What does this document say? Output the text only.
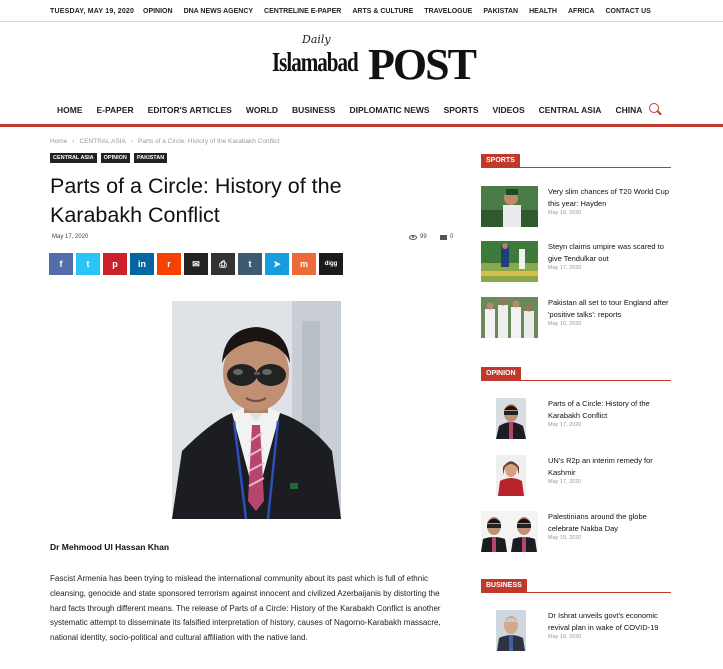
TUESDAY, MAY 19, 2020 OPINION DNA NEWS AGENCY CENTRELINE E-PAPER ARTS & CULTURE TRAVELOGUE PAKISTAN HEALTH AFRICA CONTACT US
Daily
Islamabad POST
HOME E-PAPER EDITOR'S ARTICLES WORLD BUSINESS DIPLOMATIC NEWS SPORTS VIDEOS CENTRAL ASIA CHINA
Home › CENTRAL ASIA › Parts of a Circle: History of the Karabakh Conflict
CENTRAL ASIA	OPINION	PAKISTAN
Parts of a Circle: History of the Karabakh Conflict
May 17, 2020	99	0
f	t	p in r ✉ ⎙ t ➤ m	digg
Dr Mehmood Ul Hassan Khan

Fascist Armenia has been trying to mislead the international community about its past which is full of ethnic cleansing, genocide and state sponsored terrorism against innocent and civilized Azerbaijanis by distorting the hard facts through different means. The release of Parts of a Circle: History of the Karabakh Conflict is another systematic attempt to disseminate its falsified interpretation of history, causes of Nagorno-Karabakh massacre, national identity, socio-political and cultural affiliation with the native land.

SPORTS
Very slim chances of T20 World Cup this year: Hayden
May 18, 2020
Steyn claims umpire was scared to give Tendulkar out
May 17, 2020
Pakistan all set to tour England after 'positive talks': reports
May 16, 2020
OPINION
Parts of a Circle: History of the Karabakh Conflict
May 17, 2020
UN's R2p an interim remedy for Kashmir
May 17, 2020
Palestinians around the globe celebrate Nakba Day
May 15, 2020
BUSINESS
Dr Ishrat unveils govt's economic revival plan in wake of COVID-19
May 18, 2020
